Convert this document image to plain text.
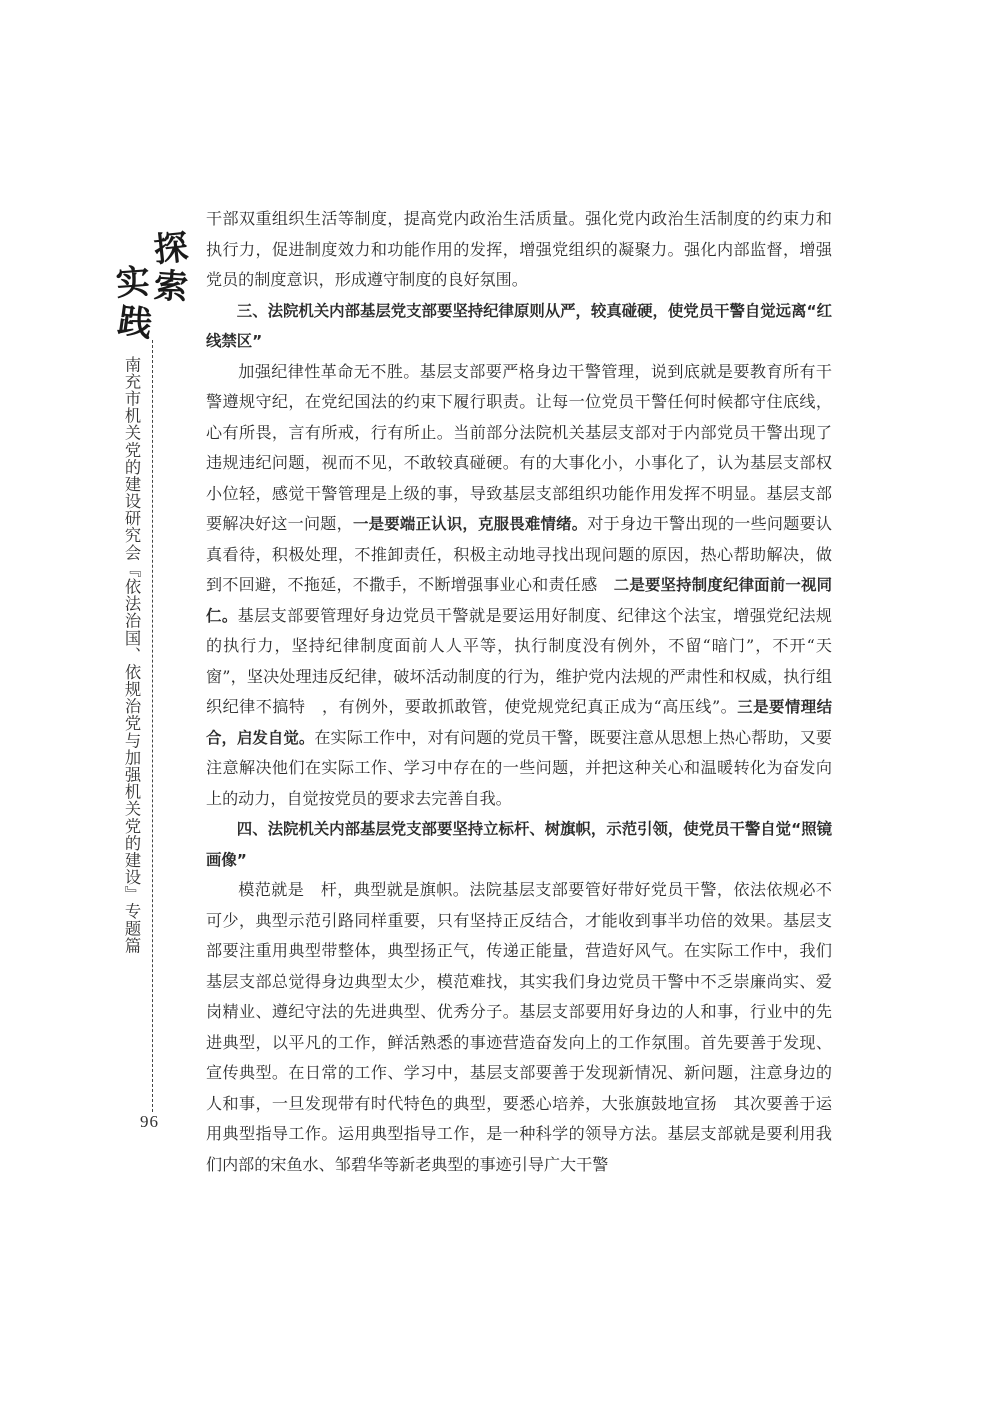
探
索
实
践
南充市机关党的建设研究会『依法治国、依规治党与加强机关党的建设』专题篇
96

干部双重组织生活等制度，提高党内政治生活质量。强化党内政治生活制度的约束力和执行力，促进制度效力和功能作用的发挥，增强党组织的凝聚力。强化内部监督，增强党员的制度意识，形成遵守制度的良好氛围。

三、法院机关内部基层党支部要坚持纪律原则从严，较真碰硬，使党员干警自觉远离“红线禁区”

加强纪律性革命无不胜。基层支部要严格身边干警管理，说到底就是要教育所有干警遵规守纪，在党纪国法的约束下履行职责。让每一位党员干警任何时候都守住底线，心有所畏，言有所戒，行有所止。当前部分法院机关基层支部对于内部党员干警出现了违规违纪问题，视而不见，不敢较真碰硬。有的大事化小，小事化了，认为基层支部权小位轻，感觉干警管理是上级的事，导致基层支部组织功能作用发挥不明显。基层支部要解决好这一问题，一是要端正认识，克服畏难情绪。对于身边干警出现的一些问题要认真看待，积极处理，不推卸责任，积极主动地寻找出现问题的原因，热心帮助解决，做到不回避，不拖延，不撒手，不断增强事业心和责任感　二是要坚持制度纪律面前一视同仁。基层支部要管理好身边党员干警就是要运用好制度、纪律这个法宝，增强党纪法规的执行力，坚持纪律制度面前人人平等，执行制度没有例外，不留“暗门”，不开“天窗”，坚决处理违反纪律，破坏活动制度的行为，维护党内法规的严肃性和权威，执行组织纪律不搞特　，有例外，要敢抓敢管，使党规党纪真正成为“高压线”。三是要情理结合，启发自觉。在实际工作中，对有问题的党员干警，既要注意从思想上热心帮助，又要注意解决他们在实际工作、学习中存在的一些问题，并把这种关心和温暖转化为奋发向上的动力，自觉按党员的要求去完善自我。

四、法院机关内部基层党支部要坚持立标杆、树旗帜，示范引领，使党员干警自觉“照镜画像”

模范就是　杆，典型就是旗帜。法院基层支部要管好带好党员干警，依法依规必不可少，典型示范引路同样重要，只有坚持正反结合，才能收到事半功倍的效果。基层支部要注重用典型带整体，典型扬正气，传递正能量，营造好风气。在实际工作中，我们基层支部总觉得身边典型太少，模范难找，其实我们身边党员干警中不乏崇廉尚实、爱岗精业、遵纪守法的先进典型、优秀分子。基层支部要用好身边的人和事，行业中的先进典型，以平凡的工作，鲜活熟悉的事迹营造奋发向上的工作氛围。首先要善于发现、宣传典型。在日常的工作、学习中，基层支部要善于发现新情况、新问题，注意身边的人和事，一旦发现带有时代特色的典型，要悉心培养，大张旗鼓地宣扬　其次要善于运用典型指导工作。运用典型指导工作，是一种科学的领导方法。基层支部就是要利用我们内部的宋鱼水、邹碧华等新老典型的事迹引导广大干警
